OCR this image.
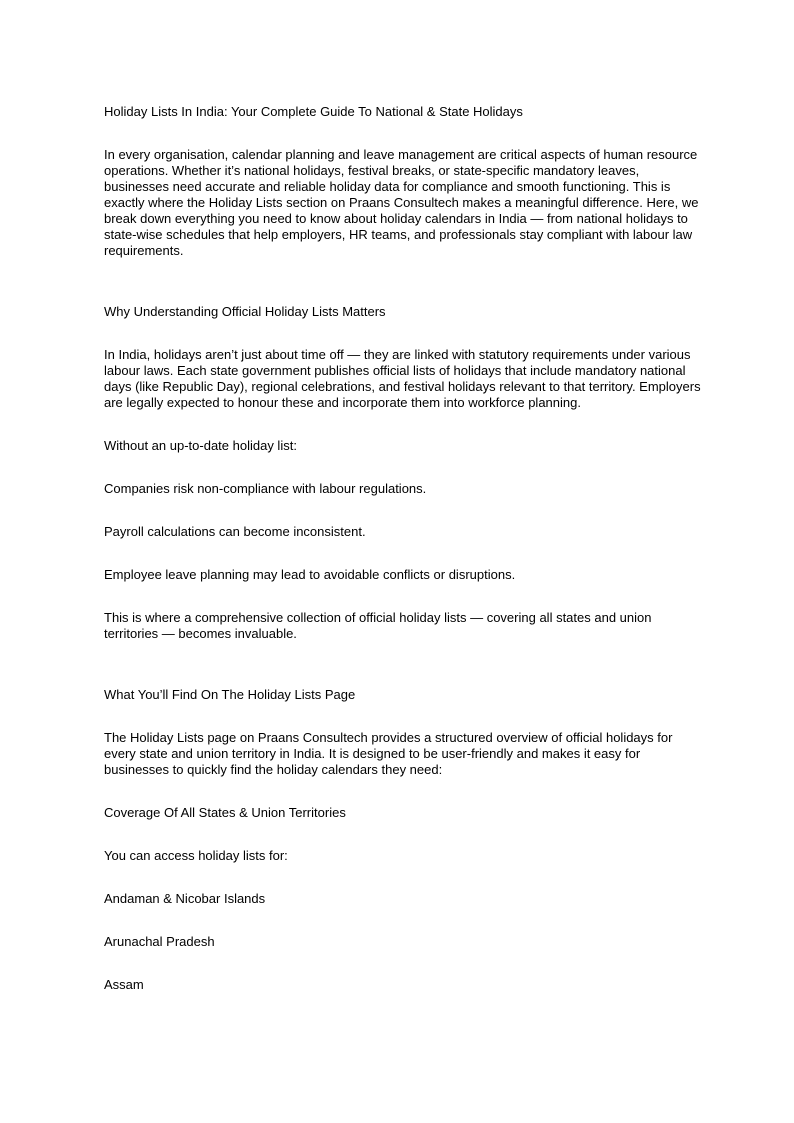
Holiday Lists In India: Your Complete Guide To National & State Holidays

In every organisation, calendar planning and leave management are critical aspects of human resource operations. Whether it’s national holidays, festival breaks, or state-specific mandatory leaves, businesses need accurate and reliable holiday data for compliance and smooth functioning. This is exactly where the Holiday Lists section on Praans Consultech makes a meaningful difference. Here, we break down everything you need to know about holiday calendars in India — from national holidays to state-wise schedules that help employers, HR teams, and professionals stay compliant with labour law requirements.

Why Understanding Official Holiday Lists Matters

In India, holidays aren’t just about time off — they are linked with statutory requirements under various labour laws. Each state government publishes official lists of holidays that include mandatory national days (like Republic Day), regional celebrations, and festival holidays relevant to that territory. Employers are legally expected to honour these and incorporate them into workforce planning.

Without an up-to-date holiday list:

Companies risk non-compliance with labour regulations.

Payroll calculations can become inconsistent.

Employee leave planning may lead to avoidable conflicts or disruptions.

This is where a comprehensive collection of official holiday lists — covering all states and union territories — becomes invaluable.

What You’ll Find On The Holiday Lists Page

The Holiday Lists page on Praans Consultech provides a structured overview of official holidays for every state and union territory in India. It is designed to be user-friendly and makes it easy for businesses to quickly find the holiday calendars they need:

Coverage Of All States & Union Territories

You can access holiday lists for:

Andaman & Nicobar Islands

Arunachal Pradesh

Assam
